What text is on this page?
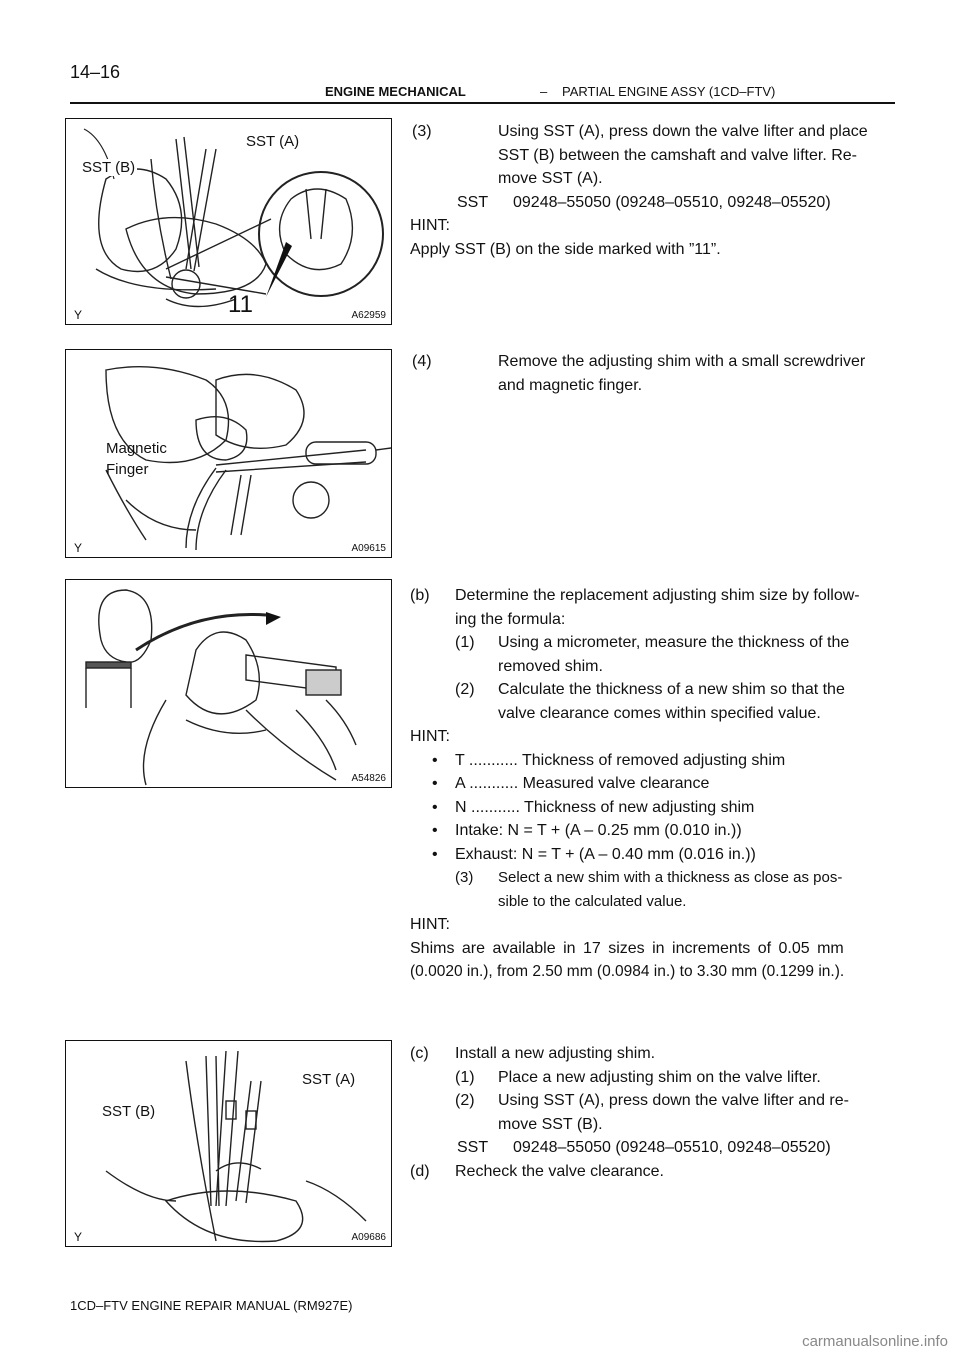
14–16
ENGINE MECHANICAL	– PARTIAL ENGINE ASSY (1CD–FTV)
SST (B)
SST (A)
11
Y	A62959
Magnetic
Finger
Y	A09615
A54826
SST (B)
SST (A)
Y	A09686
(3)	Using SST (A), press down the valve lifter and place
SST (B) between the camshaft and valve lifter. Re-
move SST (A).
SST 09248–55050 (09248–05510, 09248–05520)
HINT:
Apply SST (B) on the side marked with ”11”.
(4)	Remove the adjusting shim with a small screwdriver
and magnetic finger.
(b) Determine the replacement adjusting shim size by follow-
ing the formula:
(1) Using a micrometer, measure the thickness of the
removed shim.
(2) Calculate the thickness of a new shim so that the
valve clearance comes within specified value.
HINT:
• T ........... Thickness of removed adjusting shim
• A ........... Measured valve clearance
• N ........... Thickness of new adjusting shim
• Intake: N = T + (A – 0.25 mm (0.010 in.))
• Exhaust: N = T + (A – 0.40 mm (0.016 in.))
(3) Select a new shim with a thickness as close as pos-
sible to the calculated value.
HINT:
Shims are available in 17 sizes in increments of 0.05 mm
(0.0020 in.), from 2.50 mm (0.0984 in.) to 3.30 mm (0.1299 in.).
(c) Install a new adjusting shim.
(1) Place a new adjusting shim on the valve lifter.
(2) Using SST (A), press down the valve lifter and re-
move SST (B).
SST 09248–55050 (09248–05510, 09248–05520)
(d) Recheck the valve clearance.
1CD–FTV ENGINE REPAIR MANUAL (RM927E)
carmanualsonline.info
